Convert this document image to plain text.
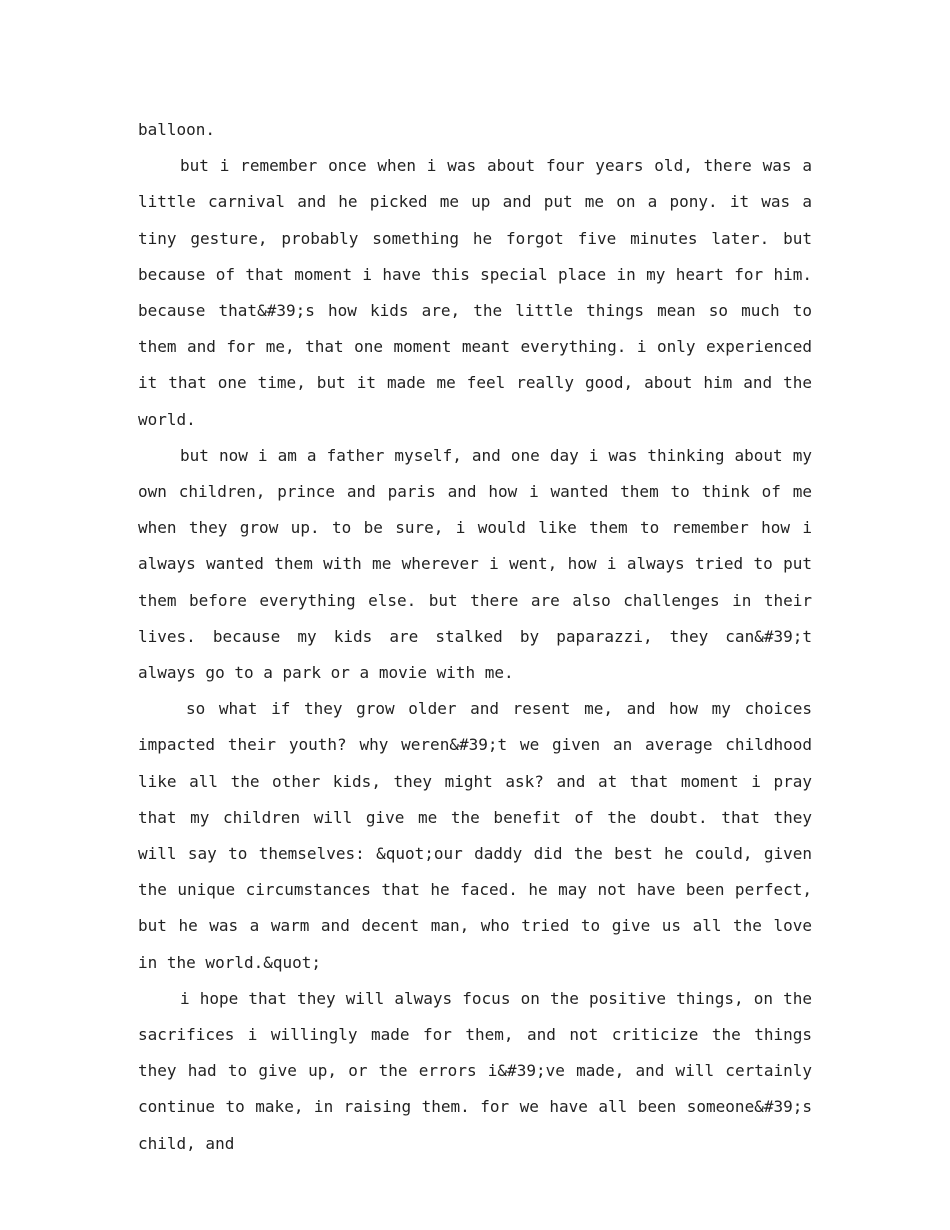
balloon.

but i remember once when i was about four years old, there was a little carnival and he picked me up and put me on a pony. it was a tiny gesture, probably something he forgot five minutes later. but because of that moment i have this special place in my heart for him. because that&#39;s how kids are, the little things mean so much to them and for me, that one moment meant everything. i only experienced it that one time, but it made me feel really good, about him and the world.

but now i am a father myself, and one day i was thinking about my own children, prince and paris and how i wanted them to think of me when they grow up. to be sure, i would like them to remember how i always wanted them with me wherever i went, how i always tried to put them before everything else. but there are also challenges in their lives. because my kids are stalked by paparazzi, they can&#39;t always go to a park or a movie with me.

so what if they grow older and resent me, and how my choices impacted their youth? why weren&#39;t we given an average childhood like all the other kids, they might ask? and at that moment i pray that my children will give me the benefit of the doubt. that they will say to themselves: &quot;our daddy did the best he could, given the unique circumstances that he faced. he may not have been perfect, but he was a warm and decent man, who tried to give us all the love in the world.&quot;

i hope that they will always focus on the positive things, on the sacrifices i willingly made for them, and not criticize the things they had to give up, or the errors i&#39;ve made, and will certainly continue to make, in raising them. for we have all been someone&#39;s child, and
